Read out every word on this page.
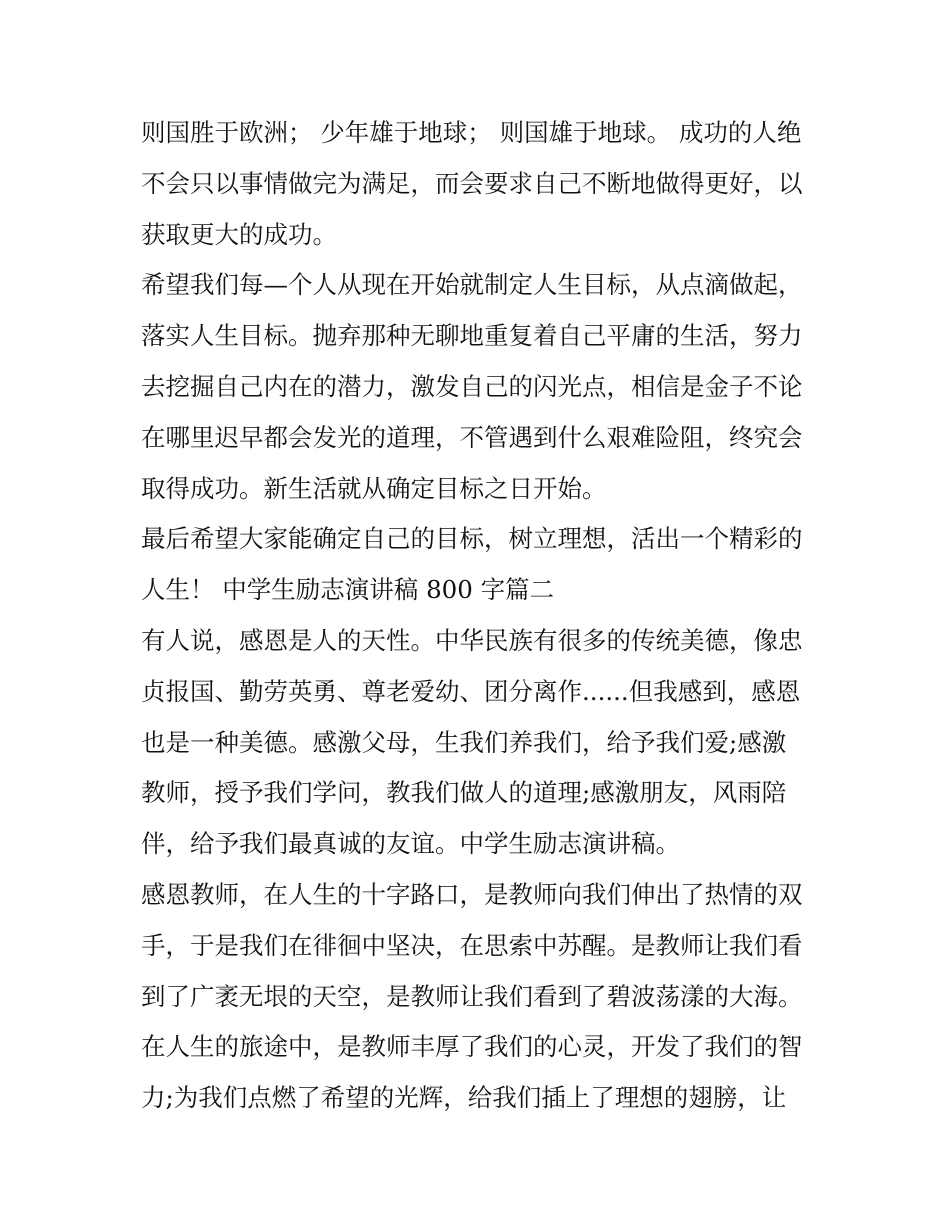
则国胜于欧洲； 少年雄于地球； 则国雄于地球。 成功的人绝
不会只以事情做完为满足，而会要求自己不断地做得更好，以
获取更大的成功。
希望我们每—个人从现在开始就制定人生目标，从点滴做起，
落实人生目标。抛弃那种无聊地重复着自己平庸的生活，努力
去挖掘自己内在的潜力，激发自己的闪光点，相信是金子不论
在哪里迟早都会发光的道理，不管遇到什么艰难险阻，终究会
取得成功。新生活就从确定目标之日开始。
最后希望大家能确定自己的目标，树立理想，活出一个精彩的
人生！ 中学生励志演讲稿 800 字篇二
有人说，感恩是人的天性。中华民族有很多的传统美德，像忠
贞报国、勤劳英勇、尊老爱幼、团分离作......但我感到，感恩
也是一种美德。感激父母，生我们养我们，给予我们爱;感激
教师，授予我们学问，教我们做人的道理;感激朋友，风雨陪
伴，给予我们最真诚的友谊。中学生励志演讲稿。
感恩教师，在人生的十字路口，是教师向我们伸出了热情的双
手，于是我们在徘徊中坚决，在思索中苏醒。是教师让我们看
到了广袤无垠的天空，是教师让我们看到了碧波荡漾的大海。
在人生的旅途中，是教师丰厚了我们的心灵，开发了我们的智
力;为我们点燃了希望的光辉，给我们插上了理想的翅膀，让
